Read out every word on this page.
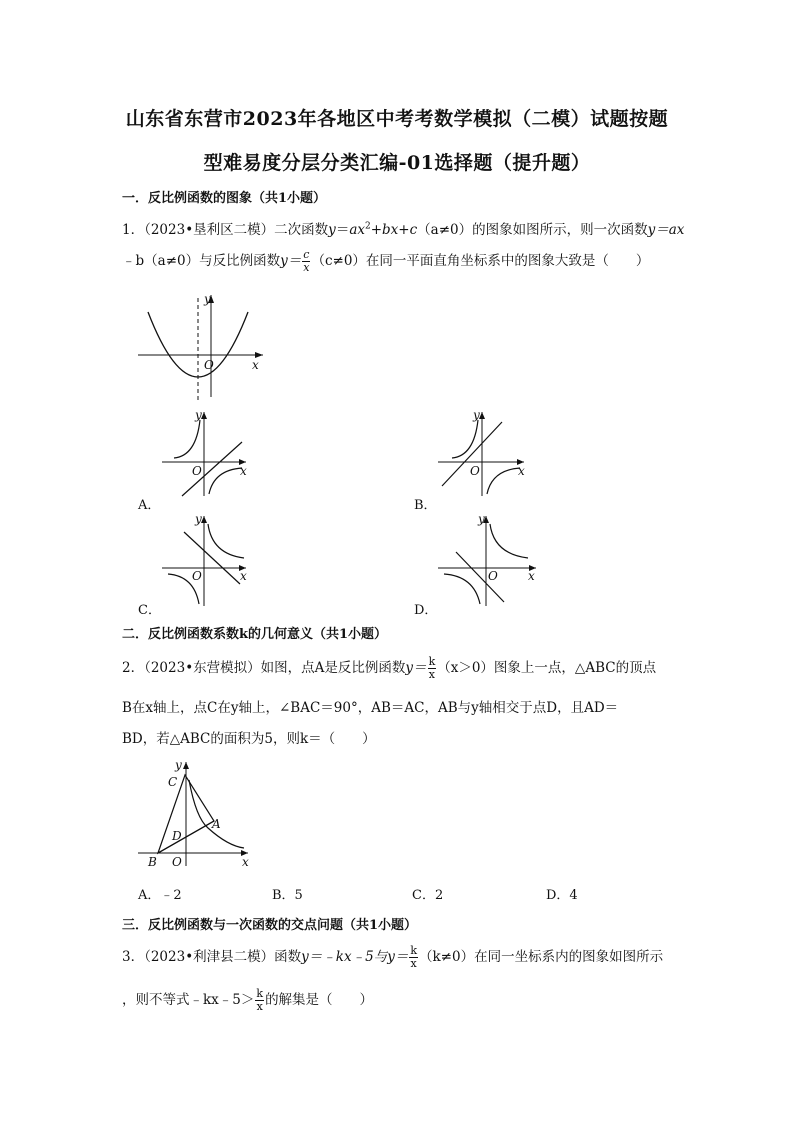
山东省东营市2023年各地区中考考数学模拟（二模）试题按题
型难易度分层分类汇编-01选择题（提升题）
一．反比例函数的图象（共1小题）
1．（2023•垦利区二模）二次函数$y=ax^2+bx+c(a\ne 0)$的图象如图所示，则一次函数y＝ax
﹣b（a≠0）与反比例函数$y= \frac{c}{x} (c\ne 0)$在同一平面直角坐标系中的图象大致是（　　）
y
O	x
y
O	x
A．
y
O	x
B．
y
O	x
C．
y
O	x
D．
二．反比例函数系数k的几何意义（共1小题）
2．（2023•东营模拟）如图，点A是反比例函数$y= \frac{k}{x} (x>0)$图象上一点，△ABC的顶点
B在x轴上，点C在y轴上，∠BAC＝90°，AB＝AC，AB与y轴相交于点D，且AD＝
BD，若△ABC的面积为5，则k＝（　　）
y
C
A
D
B O	x
A．﹣2	B．5	C．2	D．4
三．反比例函数与一次函数的交点问题（共1小题）
3．（2023•利津县二模）函数y＝﹣kx﹣5与$y= \frac{k}{x} (k\ne 0)$在同一坐标系内的图象如图所示
，则不等式﹣kx﹣5＞ $\frac{k}{x}$ 的解集是（　　）
